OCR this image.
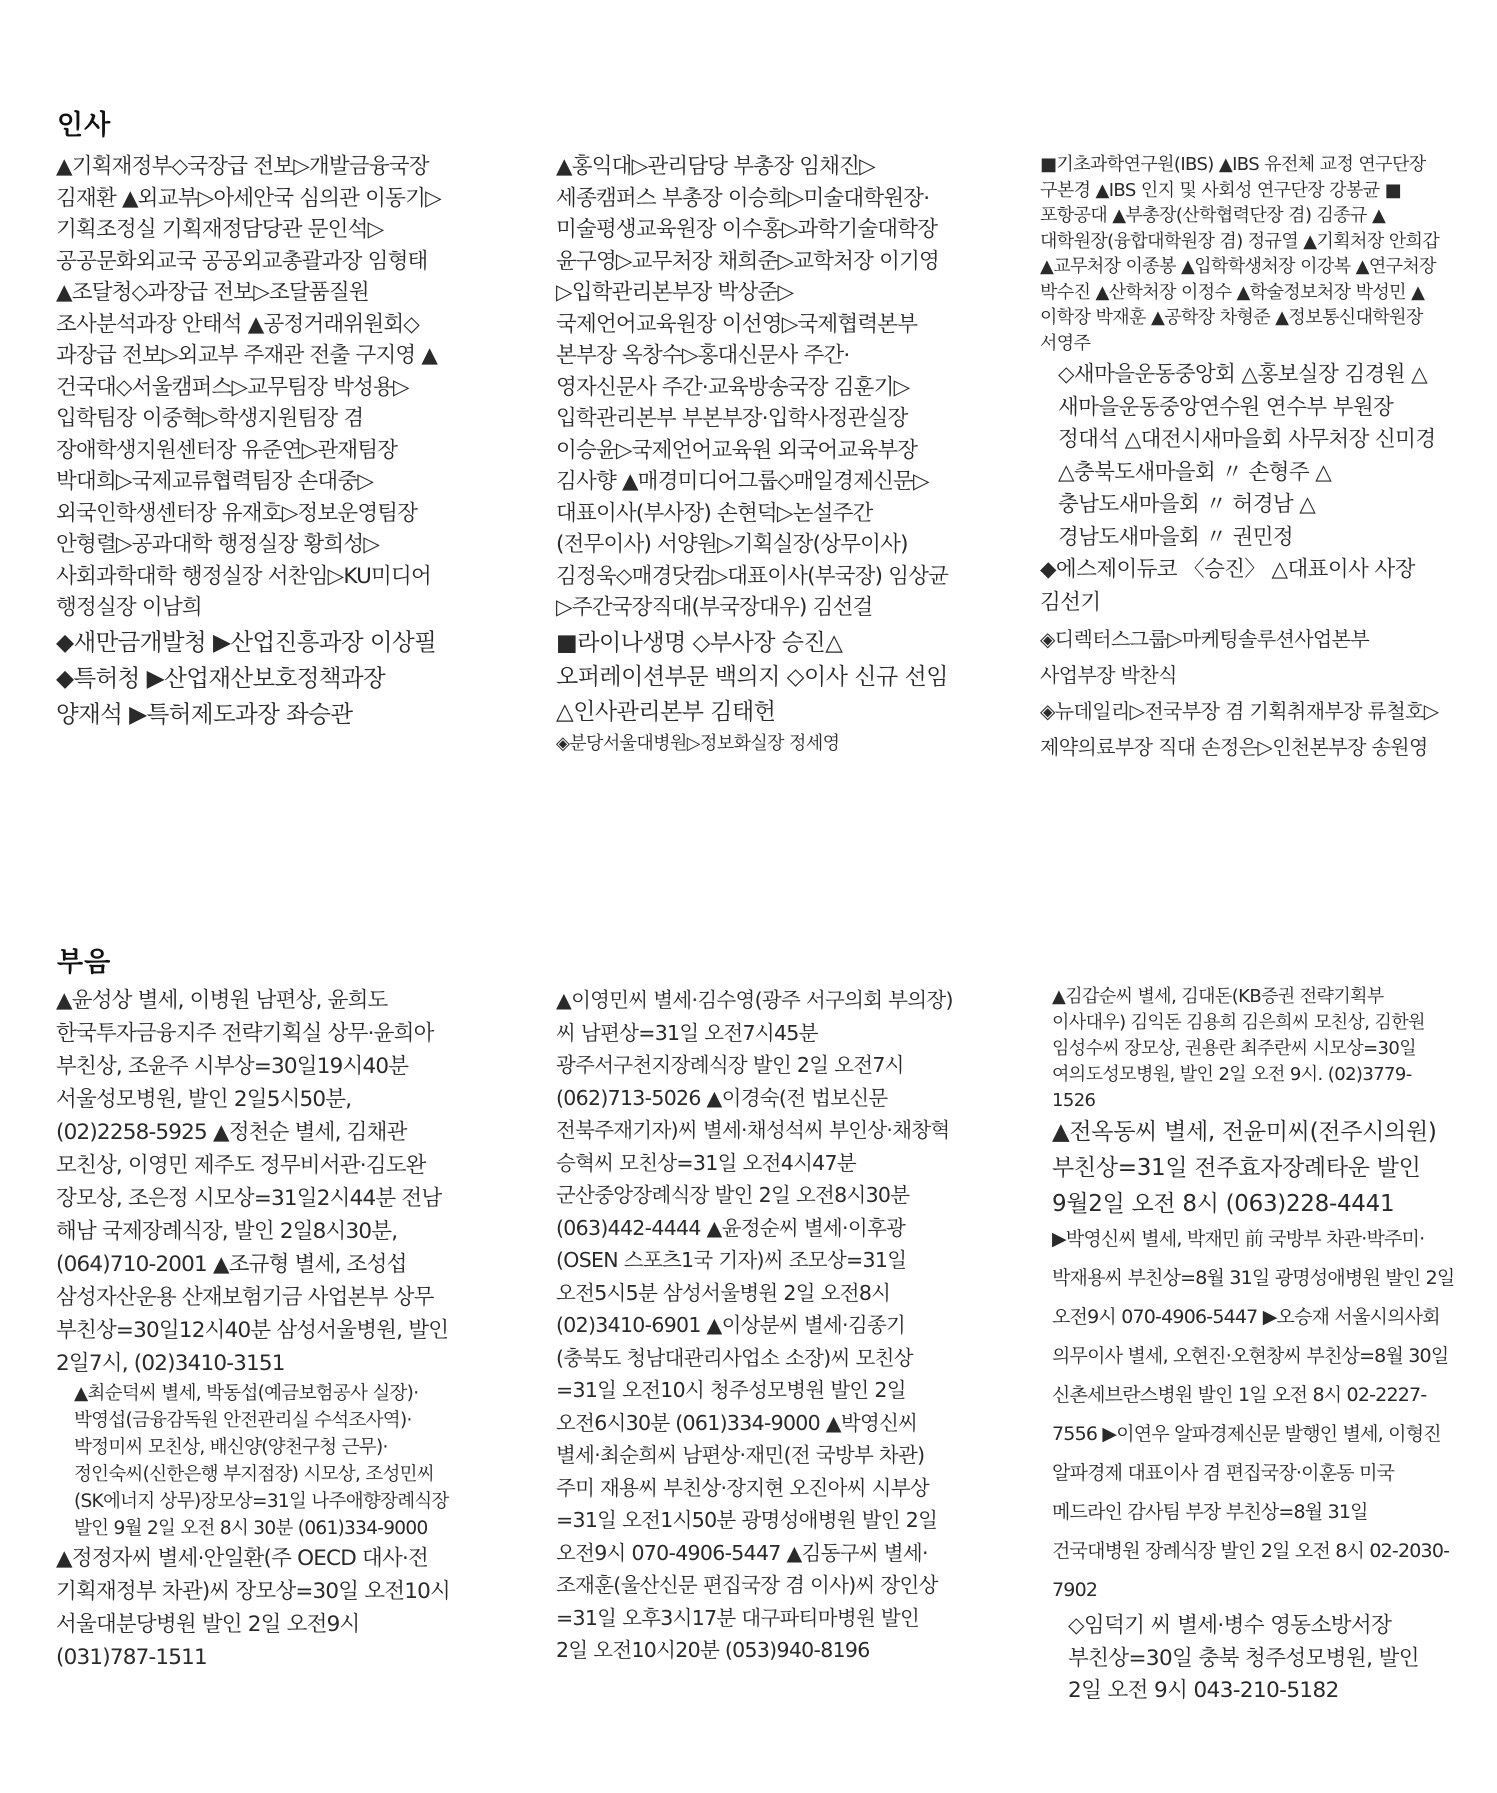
인사

▲기획재정부◇국장급 전보▷개발금융국장 김재환 ▲외교부▷아세안국 심의관 이동기▷기획조정실 기획재정담당관 문인석▷공공문화외교국 공공외교총괄과장 임형태 ▲조달청◇과장급 전보▷조달품질원 조사분석과장 안태석 ▲공정거래위원회◇과장급 전보▷외교부 주재관 전출 구지영 ▲건국대◇서울캠퍼스▷교무팀장 박성용▷입학팀장 이중혁▷학생지원팀장 겸 장애학생지원센터장 유준연▷관재팀장 박대희▷국제교류협력팀장 손대중▷외국인학생센터장 유재호▷정보운영팀장 안형렬▷공과대학 행정실장 황희성▷사회과학대학 행정실장 서찬임▷KU미디어 행정실장 이남희

◆새만금개발청 ▶산업진흥과장 이상필 ◆특허청 ▶산업재산보호정책과장 양재석 ▶특허제도과장 좌승관

▲홍익대▷관리담당 부총장 임채진▷세종캠퍼스 부총장 이승희▷미술대학원장·미술평생교육원장 이수홍▷과학기술대학장 윤구영▷교무처장 채희준▷교학처장 이기영▷입학관리본부장 박상준▷국제언어교육원장 이선영▷국제협력본부 본부장 옥창수▷홍대신문사 주간·영자신문사 주간·교육방송국장 김훈기▷입학관리본부 부본부장·입학사정관실장 이승윤▷국제언어교육원 외국어교육부장 김사향 ▲매경미디어그룹◇매일경제신문▷대표이사(부사장) 손현덕▷논설주간(전무이사) 서양원▷기획실장(상무이사) 김정욱◇매경닷컴▷대표이사(부국장) 임상균▷주간국장직대(부국장대우) 김선걸

■라이나생명 ◇부사장 승진△오퍼레이션부문 백의지 ◇이사 신규 선임△인사관리본부 김태헌

◈분당서울대병원▷정보화실장 정세영

■기초과학연구원(IBS) ▲IBS 유전체 교정 연구단장 구본경 ▲IBS 인지 및 사회성 연구단장 강봉균 ■포항공대 ▲부총장(산학협력단장 겸) 김종규 ▲대학원장(융합대학원장 겸) 정규열 ▲기획처장 안희갑 ▲교무처장 이종봉 ▲입학학생처장 이강복 ▲연구처장 박수진 ▲산학처장 이정수 ▲학술정보처장 박성민 ▲이학장 박재훈 ▲공학장 차형준 ▲정보통신대학원장 서영주

◇새마을운동중앙회 △홍보실장 김경원 △새마을운동중앙연수원 연수부 부원장 정대석 △대전시새마을회 사무처장 신미경 △충북도새마을회 〃 손형주 △충남도새마을회 〃 허경남 △경남도새마을회 〃 권민정

◆에스제이듀코 〈승진〉 △대표이사 사장 김선기

◈디렉터스그룹▷마케팅솔루션사업본부 사업부장 박찬식

◈뉴데일리▷전국부장 겸 기획취재부장 류철호▷제약의료부장 직대 손정은▷인천본부장 송원영

부음

▲윤성상 별세, 이병원 남편상, 윤희도 한국투자금융지주 전략기획실 상무·윤희아 부친상, 조윤주 시부상=30일19시40분 서울성모병원, 발인 2일5시50분, (02)2258-5925 ▲정천순 별세, 김채관 모친상, 이영민 제주도 정무비서관·김도완 장모상, 조은정 시모상=31일2시44분 전남 해남 국제장례식장, 발인 2일8시30분, (064)710-2001 ▲조규형 별세, 조성섭 삼성자산운용 산재보험기금 사업본부 상무 부친상=30일12시40분 삼성서울병원, 발인 2일7시, (02)3410-3151

▲최순덕씨 별세, 박동섭(예금보험공사 실장)·박영섭(금융감독원 안전관리실 수석조사역)·박정미씨 모친상, 배신양(양천구청 근무)·정인숙씨(신한은행 부지점장) 시모상, 조성민씨(SK에너지 상무)장모상=31일 나주애향장례식장 발인 9월 2일 오전 8시 30분 (061)334-9000

▲정정자씨 별세·안일환(주 OECD 대사·전 기획재정부 차관)씨 장모상=30일 오전10시 서울대분당병원 발인 2일 오전9시 (031)787-1511

▲이영민씨 별세·김수영(광주 서구의회 부의장)씨 남편상=31일 오전7시45분 광주서구천지장례식장 발인 2일 오전7시 (062)713-5026 ▲이경숙(전 법보신문 전북주재기자)씨 별세·채성석씨 부인상·채창혁 승혁씨 모친상=31일 오전4시47분 군산중앙장례식장 발인 2일 오전8시30분 (063)442-4444 ▲윤정순씨 별세·이후광(OSEN 스포츠1국 기자)씨 조모상=31일 오전5시5분 삼성서울병원 2일 오전8시 (02)3410-6901 ▲이상분씨 별세·김종기(충북도 청남대관리사업소 소장)씨 모친상=31일 오전10시 청주성모병원 발인 2일 오전6시30분 (061)334-9000 ▲박영신씨 별세·최순희씨 남편상·재민(전 국방부 차관) 주미 재용씨 부친상·장지현 오진아씨 시부상=31일 오전1시50분 광명성애병원 발인 2일 오전9시 070-4906-5447 ▲김동구씨 별세·조재훈(울산신문 편집국장 겸 이사)씨 장인상=31일 오후3시17분 대구파티마병원 발인 2일 오전10시20분 (053)940-8196

▲김갑순씨 별세, 김대돈(KB증권 전략기획부 이사대우) 김익돈 김용희 김은희씨 모친상, 김한원 임성수씨 장모상, 권용란 최주란씨 시모상=30일 여의도성모병원, 발인 2일 오전 9시. (02)3779-1526

▲전옥동씨 별세, 전윤미씨(전주시의원) 부친상=31일 전주효자장례타운 발인 9월2일 오전 8시 (063)228-4441

▶박영신씨 별세, 박재민 前 국방부 차관·박주미·박재용씨 부친상=8월 31일 광명성애병원 발인 2일 오전9시 070-4906-5447 ▶오승재 서울시의사회 의무이사 별세, 오현진·오현창씨 부친상=8월 30일 신촌세브란스병원 발인 1일 오전 8시 02-2227-7556 ▶이연우 알파경제신문 발행인 별세, 이형진 알파경제 대표이사 겸 편집국장·이훈동 미국 메드라인 감사팀 부장 부친상=8월 31일 건국대병원 장례식장 발인 2일 오전 8시 02-2030-7902

◇임덕기 씨 별세·병수 영동소방서장 부친상=30일 충북 청주성모병원, 발인 2일 오전 9시 043-210-5182
